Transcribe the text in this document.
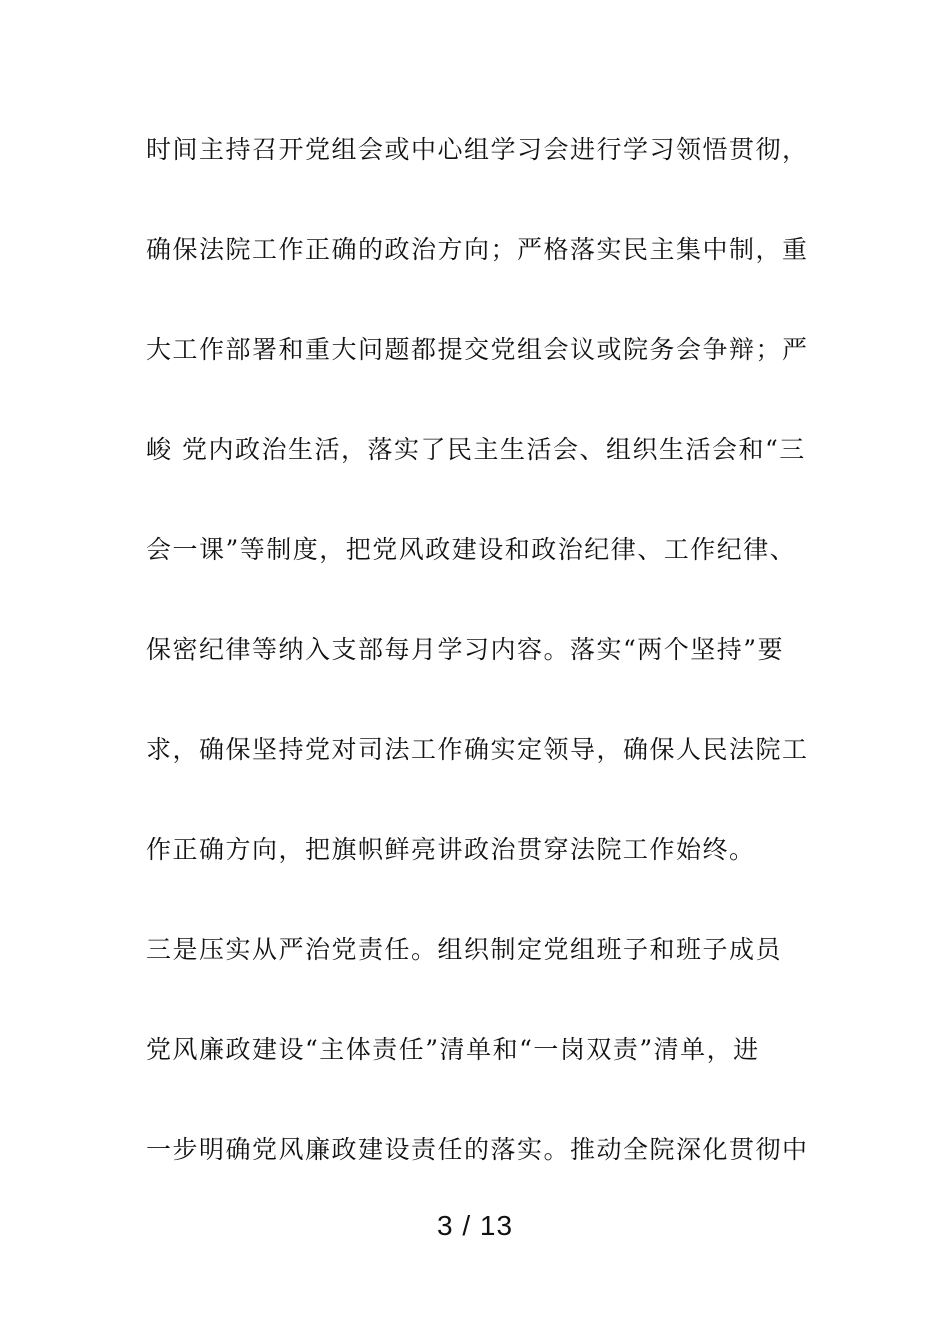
时间主持召开党组会或中心组学习会进行学习领悟贯彻，
确保法院工作正确的政治方向；严格落实民主集中制，重
大工作部署和重大问题都提交党组会议或院务会争辩；严
峻 党内政治生活，落实了民主生活会、组织生活会和“三
会一课”等制度，把党风政建设和政治纪律、工作纪律、
保密纪律等纳入支部每月学习内容。落实“两个坚持”要
求，确保坚持党对司法工作确实定领导，确保人民法院工
作正确方向，把旗帜鲜亮讲政治贯穿法院工作始终。
三是压实从严治党责任。组织制定党组班子和班子成员
党风廉政建设“主体责任”清单和“一岗双责”清单，进
一步明确党风廉政建设责任的落实。推动全院深化贯彻中
3 / 13
